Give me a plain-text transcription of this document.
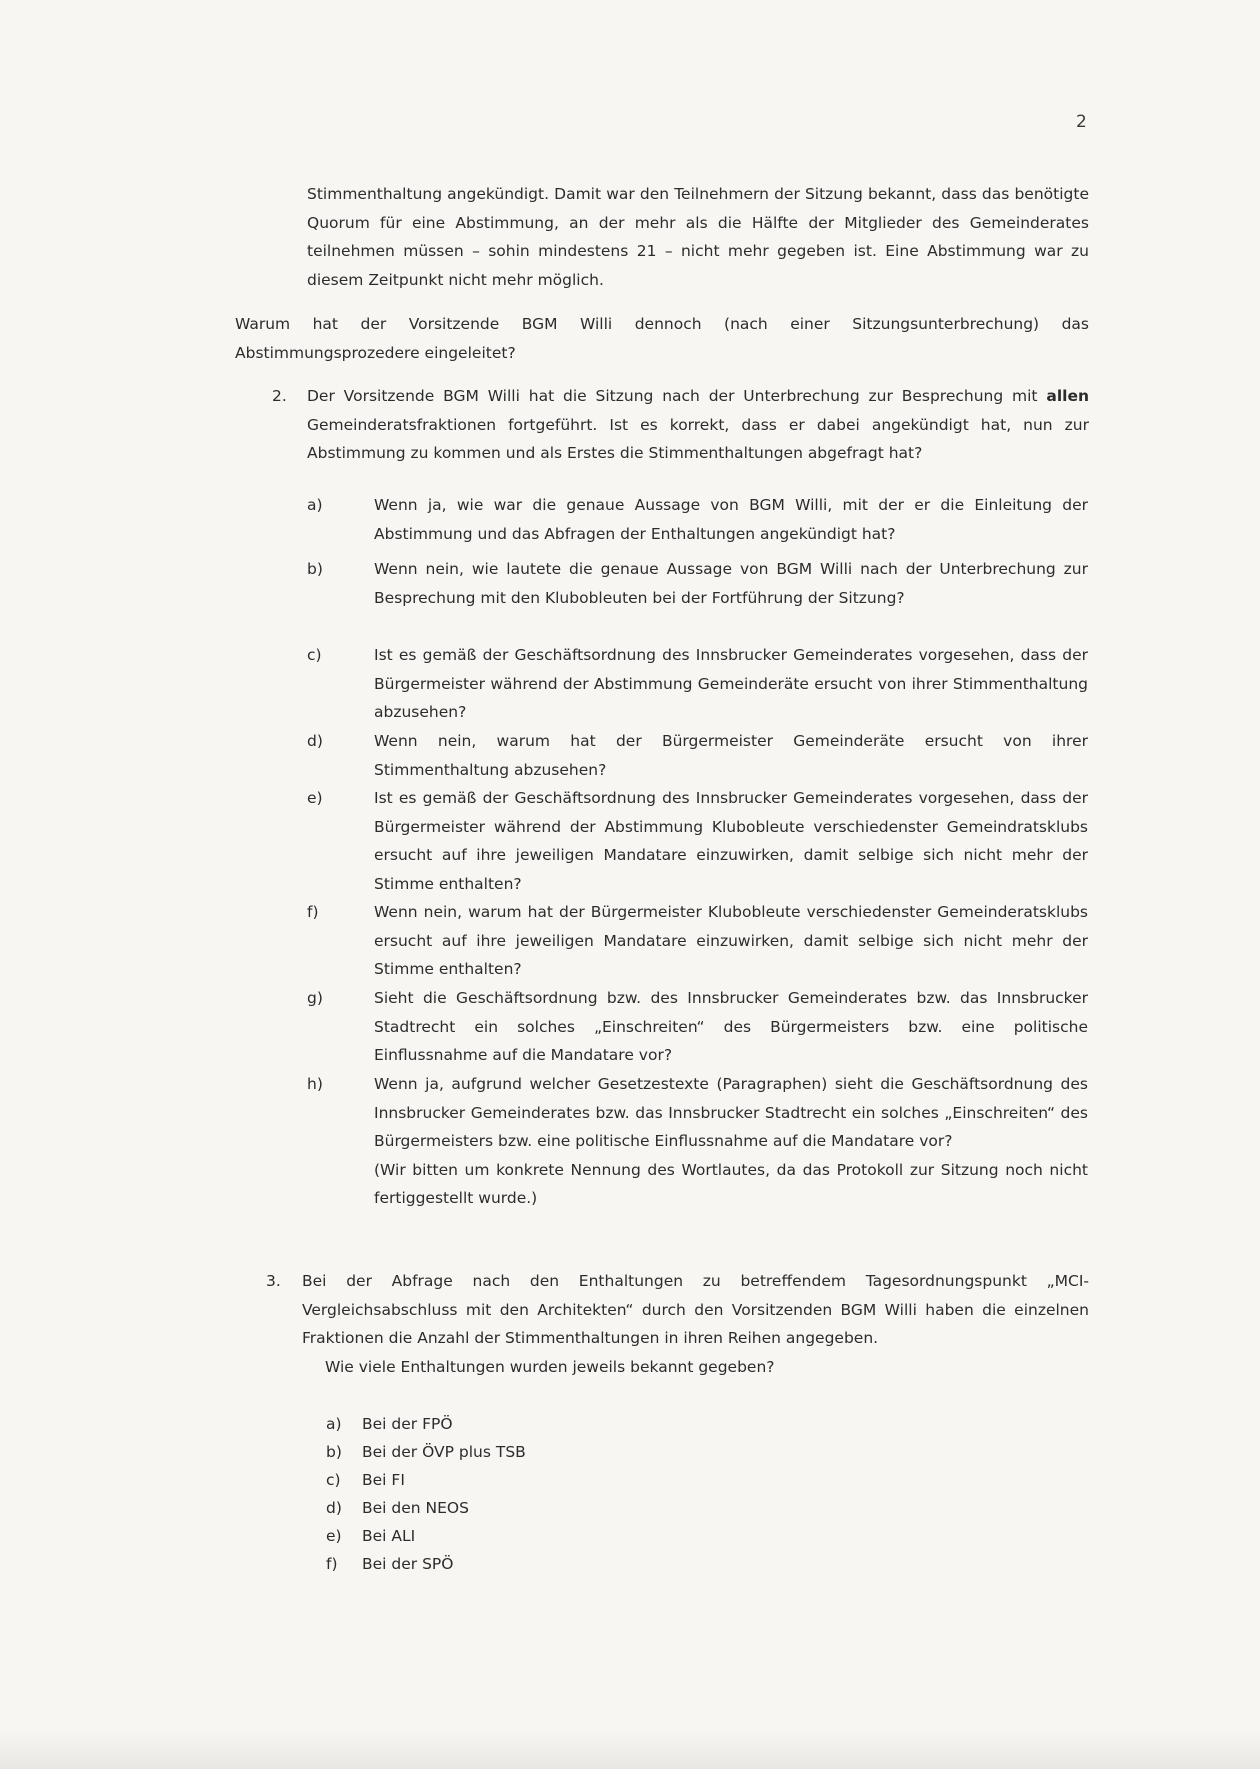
2
Stimmenthaltung angekündigt. Damit war den Teilnehmern der Sitzung bekannt, dass das benötigte Quorum für eine Abstimmung, an der mehr als die Hälfte der Mitglieder des Gemeinderates teilnehmen müssen – sohin mindestens 21 – nicht mehr gegeben ist. Eine Abstimmung war zu diesem Zeitpunkt nicht mehr möglich.
Warum hat der Vorsitzende BGM Willi dennoch (nach einer Sitzungsunterbrechung) das Abstimmungsprozedere eingeleitet?
2. Der Vorsitzende BGM Willi hat die Sitzung nach der Unterbrechung zur Besprechung mit allen Gemeinderatsfraktionen fortgeführt. Ist es korrekt, dass er dabei angekündigt hat, nun zur Abstimmung zu kommen und als Erstes die Stimmenthaltungen abgefragt hat?
a)	Wenn ja, wie war die genaue Aussage von BGM Willi, mit der er die Einleitung der Abstimmung und das Abfragen der Enthaltungen angekündigt hat?
b)	Wenn nein, wie lautete die genaue Aussage von BGM Willi nach der Unterbrechung zur Besprechung mit den Klubobleuten bei der Fortführung der Sitzung?
c)	Ist es gemäß der Geschäftsordnung des Innsbrucker Gemeinderates vorgesehen, dass der Bürgermeister während der Abstimmung Gemeinderäte ersucht von ihrer Stimmenthaltung abzusehen?
d)	Wenn nein, warum hat der Bürgermeister Gemeinderäte ersucht von ihrer Stimmenthaltung abzusehen?
e)	Ist es gemäß der Geschäftsordnung des Innsbrucker Gemeinderates vorgesehen, dass der Bürgermeister während der Abstimmung Klubobleute verschiedenster Gemeindratsklubs ersucht auf ihre jeweiligen Mandatare einzuwirken, damit selbige sich nicht mehr der Stimme enthalten?
f)	Wenn nein, warum hat der Bürgermeister Klubobleute verschiedenster Gemeinderatsklubs ersucht auf ihre jeweiligen Mandatare einzuwirken, damit selbige sich nicht mehr der Stimme enthalten?
g)	Sieht die Geschäftsordnung bzw. des Innsbrucker Gemeinderates bzw. das Innsbrucker Stadtrecht ein solches „Einschreiten“ des Bürgermeisters bzw. eine politische Einflussnahme auf die Mandatare vor?
h)	Wenn ja, aufgrund welcher Gesetzestexte (Paragraphen) sieht die Geschäftsordnung des Innsbrucker Gemeinderates bzw. das Innsbrucker Stadtrecht ein solches „Einschreiten“ des Bürgermeisters bzw. eine politische Einflussnahme auf die Mandatare vor?
(Wir bitten um konkrete Nennung des Wortlautes, da das Protokoll zur Sitzung noch nicht fertiggestellt wurde.)
3. Bei der Abfrage nach den Enthaltungen zu betreffendem Tagesordnungspunkt „MCI-Vergleichsabschluss mit den Architekten“ durch den Vorsitzenden BGM Willi haben die einzelnen Fraktionen die Anzahl der Stimmenthaltungen in ihren Reihen angegeben.
Wie viele Enthaltungen wurden jeweils bekannt gegeben?
a) Bei der FPÖ
b) Bei der ÖVP plus TSB
c) Bei FI
d) Bei den NEOS
e) Bei ALI
f) Bei der SPÖ
